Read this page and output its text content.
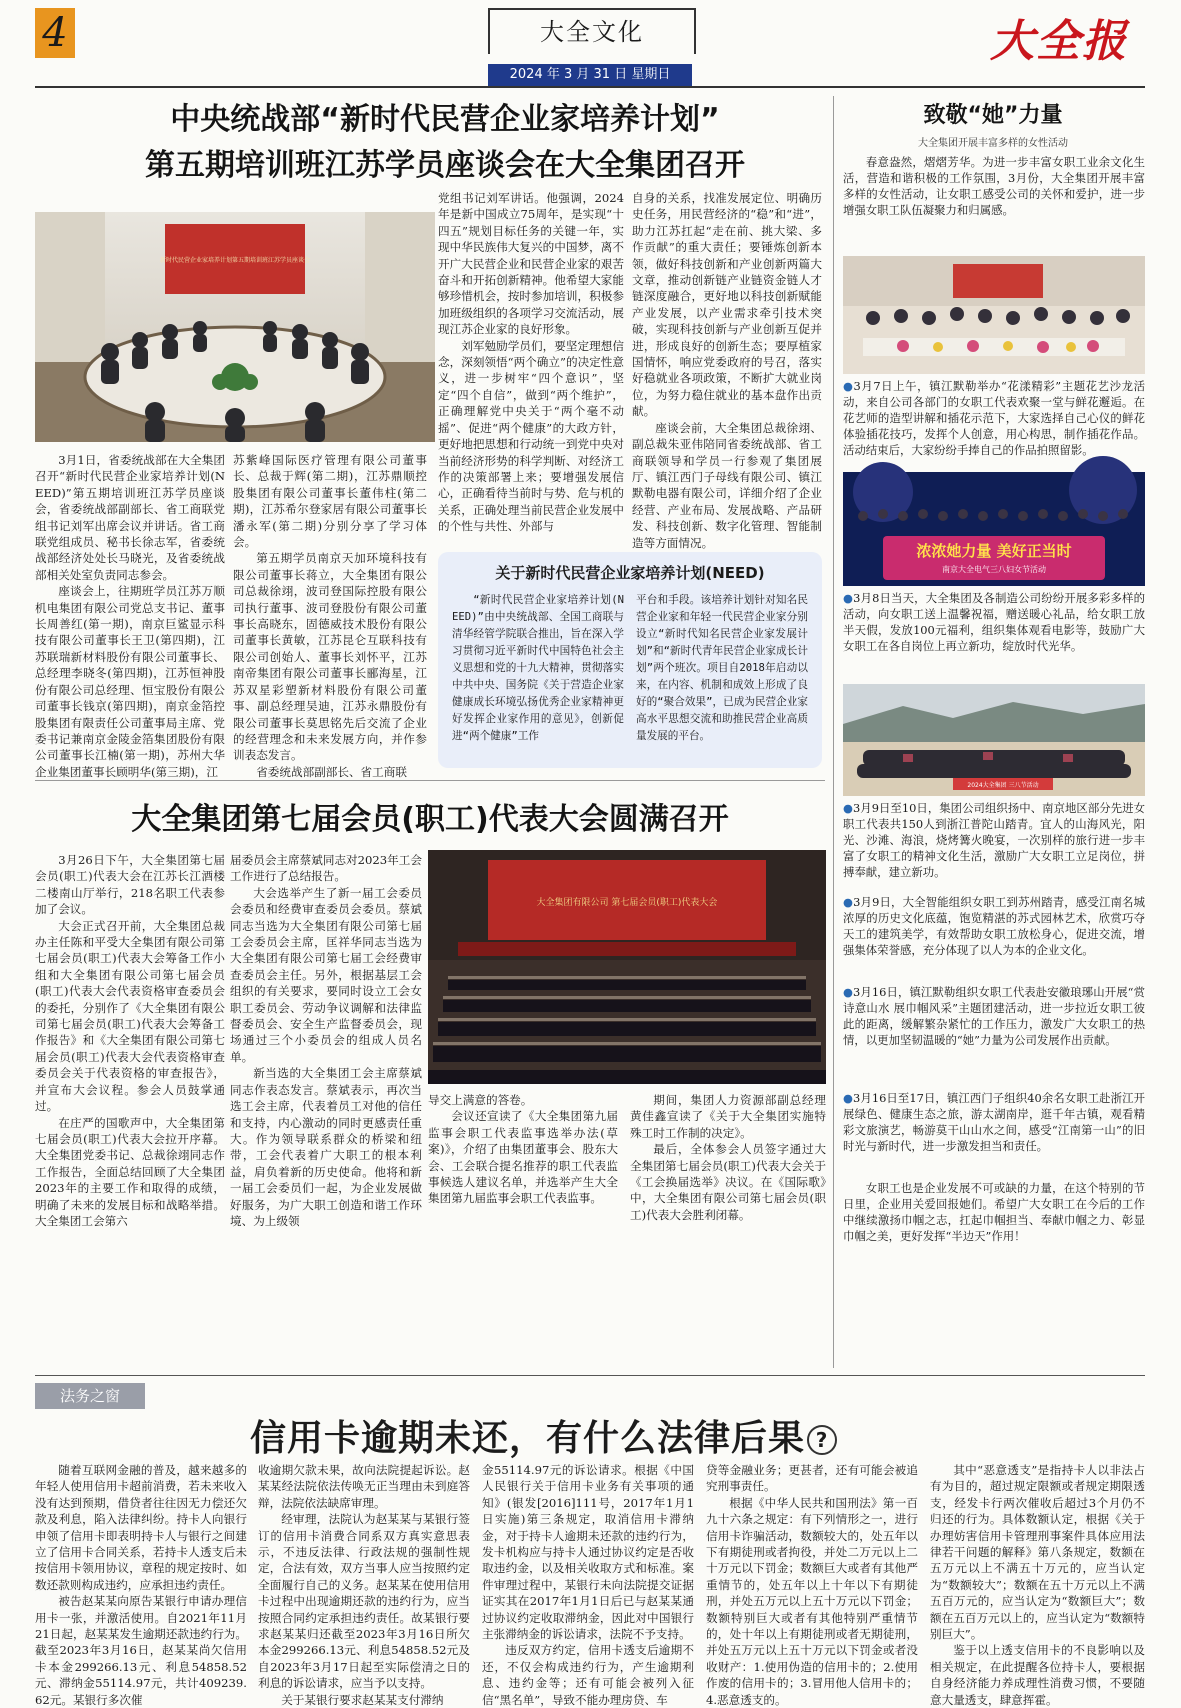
4	大全文化
2024 年 3 月 31 日 星期日
大全报
中央统战部“新时代民营企业家培养计划”
第五期培训班江苏学员座谈会在大全集团召开
新时代民营企业家培养计划第五期培训班江苏学员座谈会

3月1日，省委统战部在大全集团召开“新时代民营企业家培养计划(NEED)”第五期培训班江苏学员座谈会，省委统战部副部长、省工商联党组书记刘军出席会议并讲话。省工商联党组成员、秘书长徐志军，省委统战部经济处处长马晓光，及省委统战部相关处室负责同志参会。

座谈会上，往期班学员江苏万顺机电集团有限公司党总支书记、董事长周善红(第一期)，南京巨鲨显示科技有限公司董事长王卫(第四期)，江苏联瑞新材料股份有限公司董事长、总经理李晓冬(第四期)，江苏恒神股份有限公司总经理、恒宝股份有限公司董事长钱京(第四期)，南京金箔控股集团有限责任公司董事局主席、党委书记兼南京金陵金箔集团股份有限公司董事长江楠(第一期)，苏州大华企业集团董事长顾明华(第三期)，江

苏紫峰国际医疗管理有限公司董事长、总裁于辉(第二期)，江苏鼎顺控股集团有限公司董事长董伟柱(第二期)，江苏希尔登家居有限公司董事长潘永军(第二期)分别分享了学习体会。

第五期学员南京天加环境科技有限公司董事长蒋立，大全集团有限公司总裁徐翊，波司登国际控股有限公司执行董事、波司登股份有限公司董事长高晓东，固德威技术股份有限公司董事长黄敏，江苏昆仑互联科技有限公司创始人、董事长刘怀平，江苏南帝集团有限公司董事长郦海星，江苏双星彩塑新材料股份有限公司董事、副总经理吴迪，江苏永鼎股份有限公司董事长莫思铭先后交流了企业的经营理念和未来发展方向，并作参训表态发言。

省委统战部副部长、省工商联

党组书记刘军讲话。他强调，2024年是新中国成立75周年，是实现“十四五”规划目标任务的关键一年，实现中华民族伟大复兴的中国梦，离不开广大民营企业和民营企业家的艰苦奋斗和开拓创新精神。他希望大家能够珍惜机会，按时参加培训，积极参加班级组织的各项学习交流活动，展现江苏企业家的良好形象。

刘军勉励学员们，要坚定理想信念，深刻领悟“两个确立”的决定性意义，进一步树牢“四个意识”，坚定“四个自信”，做到“两个维护”，正确理解党中央关于“两个毫不动摇”、促进“两个健康”的大政方针，更好地把思想和行动统一到党中央对当前经济形势的科学判断、对经济工作的决策部署上来；要增强发展信心，正确看待当前时与势、危与机的关系，正确处理当前民营企业发展中的个性与共性、外部与

自身的关系，找准发展定位、明确历史任务，用民营经济的“稳”和“进”，助力江苏扛起“走在前、挑大梁、多作贡献”的重大责任；要锤炼创新本领，做好科技创新和产业创新两篇大文章，推动创新链产业链资金链人才链深度融合，更好地以科技创新赋能产业发展，以产业需求牵引技术突破，实现科技创新与产业创新互促并进，形成良好的创新生态；要厚植家国情怀，响应党委政府的号召，落实好稳就业各项政策，不断扩大就业岗位，为努力稳住就业的基本盘作出贡献。

座谈会前，大全集团总裁徐翊、副总裁朱亚伟陪同省委统战部、省工商联领导和学员一行参观了集团展厅、镇江西门子母线有限公司、镇江默勒电器有限公司，详细介绍了企业经营、产业布局、发展战略、产品研发、科技创新、数字化管理、智能制造等方面情况。

关于新时代民营企业家培养计划(NEED)

“新时代民营企业家培养计划(NEED)”由中央统战部、全国工商联与清华经管学院联合推出，旨在深入学习贯彻习近平新时代中国特色社会主义思想和党的十九大精神，贯彻落实中共中央、国务院《关于营造企业家健康成长环境弘扬优秀企业家精神更好发挥企业家作用的意见》，创新促进“两个健康”工作

平台和手段。该培养计划针对知名民营企业家和年轻一代民营企业家分别设立“新时代知名民营企业家发展计划”和“新时代青年民营企业家成长计划”两个班次。项目自2018年启动以来，在内容、机制和成效上形成了良好的“聚合效果”，已成为民营企业家高水平思想交流和助推民营企业高质量发展的平台。

大全集团第七届会员(职工)代表大会圆满召开
大全集团有限公司 第七届会员(职工)代表大会

3月26日下午，大全集团第七届会员(职工)代表大会在江苏长江酒楼二楼南山厅举行，218名职工代表参加了会议。

大会正式召开前，大全集团总裁办主任陈和平受大全集团有限公司第七届会员(职工)代表大会筹备工作小组和大全集团有限公司第七届会员(职工)代表大会代表资格审查委员会的委托，分别作了《大全集团有限公司第七届会员(职工)代表大会筹备工作报告》和《大全集团有限公司第七届会员(职工)代表大会代表资格审查委员会关于代表资格的审查报告》，并宣布大会议程。参会人员鼓掌通过。

在庄严的国歌声中，大全集团第七届会员(职工)代表大会拉开序幕。大全集团党委书记、总裁徐翊同志作工作报告，全面总结回顾了大全集团2023年的主要工作和取得的成绩，明确了未来的发展目标和战略举措。大全集团工会第六

届委员会主席蔡斌同志对2023年工会工作进行了总结报告。

大会选举产生了新一届工会委员会委员和经费审查委员会委员。蔡斌同志当选为大全集团有限公司第七届工会委员会主席，匡祥华同志当选为大全集团有限公司第七届工会经费审查委员会主任。另外，根据基层工会组织的有关要求，要同时设立工会女职工委员会、劳动争议调解和法律监督委员会、安全生产监督委员会，现场通过三个小委员会的组成人员名单。

新当选的大全集团工会主席蔡斌同志作表态发言。蔡斌表示，再次当选工会主席，代表着员工对他的信任和支持，内心激动的同时更感责任重大。作为领导联系群众的桥梁和纽带，工会代表着广大职工的根本利益，肩负着新的历史使命。他将和新一届工会委员们一起，为企业发展做好服务，为广大职工创造和谐工作环境、为上级领

导交上满意的答卷。

会议还宣读了《大全集团第九届监事会职工代表监事选举办法(草案)》，介绍了由集团董事会、股东大会、工会联合提名推荐的职工代表监事候选人建议名单，并选举产生大全集团第九届监事会职工代表监事。

期间，集团人力资源部副总经理黄佳鑫宣读了《关于大全集团实施特殊工时工作制的决定》。

最后，全体参会人员签字通过大全集团第七届会员(职工)代表大会关于《工会换届选举》决议。在《国际歌》中，大全集团有限公司第七届会员(职工)代表大会胜利闭幕。

致敬“她”力量
大全集团开展丰富多样的女性活动

春意盎然，熠熠芳华。为进一步丰富女职工业余文化生活，营造和谐积极的工作氛围，3月份，大全集团开展丰富多样的女性活动，让女职工感受公司的关怀和爱护，进一步增强女职工队伍凝聚力和归属感。

●3月7日上午，镇江默勒举办“花漾精彩”主题花艺沙龙活动，来自公司各部门的女职工代表欢聚一堂与鲜花邂逅。在花艺师的造型讲解和插花示范下，大家选择自己心仪的鲜花体验插花技巧，发挥个人创意，用心构思，制作插花作品。活动结束后，大家纷纷手捧自己的作品拍照留影。

浓浓她力量 美好正当时
南京大全电气三八妇女节活动

●3月8日当天，大全集团及各制造公司纷纷开展多彩多样的活动，向女职工送上温馨祝福，赠送暖心礼品，给女职工放半天假，发放100元福利，组织集体观看电影等，鼓励广大女职工在各自岗位上再立新功，绽放时代光华。

2024大全集团 三八节活动

●3月9日至10日，集团公司组织扬中、南京地区部分先进女职工代表共150人到浙江普陀山踏青。宜人的山海风光，阳光、沙滩、海浪，烧烤篝火晚宴，一次别样的旅行进一步丰富了女职工的精神文化生活，激励广大女职工立足岗位，拼搏奉献，建立新功。

●3月9日，大全智能组织女职工到苏州踏青，感受江南名城浓厚的历史文化底蕴，饱览精湛的苏式园林艺术，欣赏巧夺天工的建筑美学，有效帮助女职工放松身心，促进交流，增强集体荣誉感，充分体现了以人为本的企业文化。

●3月16日，镇江默勒组织女职工代表赴安徽琅琊山开展“赏诗意山水 展巾帼风采”主题团建活动，进一步拉近女职工彼此的距离，缓解繁杂紧忙的工作压力，激发广大女职工的热情，以更加坚韧温暖的“她”力量为公司发展作出贡献。

●3月16日至17日，镇江西门子组织40余名女职工赴浙江开展绿色、健康生态之旅，游太湖南岸，逛千年古镇，观看精彩文旅演艺，畅游莫干山山水之间，感受“江南第一山”的旧时光与新时代，进一步激发担当和责任。

女职工也是企业发展不可或缺的力量，在这个特别的节日里，企业用关爱回报她们。希望广大女职工在今后的工作中继续激扬巾帼之志，扛起巾帼担当、奉献巾帼之力、彰显巾帼之美，更好发挥“半边天”作用！

法务之窗
信用卡逾期未还，有什么法律后果 ?

随着互联网金融的普及，越来越多的年轻人使用信用卡超前消费，若未来收入没有达到预期，借贷者往往因无力偿还欠款及利息，陷入法律纠纷。持卡人向银行申领了信用卡即表明持卡人与银行之间建立了信用卡合同关系，若持卡人透支后未按信用卡领用协议，章程的规定按时、如数还款则构成违约，应承担违约责任。

被告赵某某向原告某银行申请办理信用卡一张，并激活使用。自2021年11月21日起，赵某某发生逾期还款违约行为。截至2023年3月16日，赵某某尚欠信用卡本金299266.13元、利息54858.52元、滞纳金55114.97元，共计409239.62元。某银行多次催

收逾期欠款未果，故向法院提起诉讼。赵某某经法院依法传唤无正当理由未到庭答辩，法院依法缺席审理。

经审理，法院认为赵某某与某银行签订的信用卡消费合同系双方真实意思表示，不违反法律、行政法规的强制性规定，合法有效，双方当事人应当按照约定全面履行自己的义务。赵某某在使用信用卡过程中出现逾期还款的违约行为，应当按照合同约定承担违约责任。故某银行要求赵某某归还截至2023年3月16日所欠本金299266.13元、利息54858.52元及自2023年3月17日起至实际偿清之日的利息的诉讼请求，应当予以支持。

关于某银行要求赵某某支付滞纳

金55114.97元的诉讼请求。根据《中国人民银行关于信用卡业务有关事项的通知》(银发[2016]111号，2017年1月1日实施)第三条规定，取消信用卡滞纳金，对于持卡人逾期未还款的违约行为，发卡机构应与持卡人通过协议约定是否收取违约金，以及相关收取方式和标准。案件审理过程中，某银行未向法院提交证据证实其在2017年1月1日后已与赵某某通过协议约定收取滞纳金，因此对中国银行主张滞纳金的诉讼请求，法院不予支持。

违反双方约定，信用卡透支后逾期不还，不仅会构成违约行为，产生逾期利息、违约金等；还有可能会被列入征信“黑名单”，导致不能办理房贷、车

贷等金融业务；更甚者，还有可能会被追究刑事责任。

根据《中华人民共和国刑法》第一百九十六条之规定：有下列情形之一，进行信用卡诈骗活动，数额较大的，处五年以下有期徒刑或者拘役，并处二万元以上二十万元以下罚金；数额巨大或者有其他严重情节的，处五年以上十年以下有期徒刑，并处五万元以上五十万元以下罚金；数额特别巨大或者有其他特别严重情节的，处十年以上有期徒刑或者无期徒刑，并处五万元以上五十万元以下罚金或者没收财产：1.使用伪造的信用卡的；2.使用作废的信用卡的；3.冒用他人信用卡的；4.恶意透支的。

其中“恶意透支”是指持卡人以非法占有为目的，超过规定限额或者规定期限透支，经发卡行两次催收后超过3个月仍不归还的行为。具体数额认定，根据《关于办理妨害信用卡管理刑事案件具体应用法律若干问题的解释》第八条规定，数额在五万元以上不满五十万元的，应当认定为“数额较大”；数额在五十万元以上不满五百万元的，应当认定为“数额巨大”；数额在五百万元以上的，应当认定为“数额特别巨大”。

鉴于以上透支信用卡的不良影响以及相关规定，在此提醒各位持卡人，要根据自身经济能力养成理性消费习惯，不要随意大量透支，肆意挥霍。
